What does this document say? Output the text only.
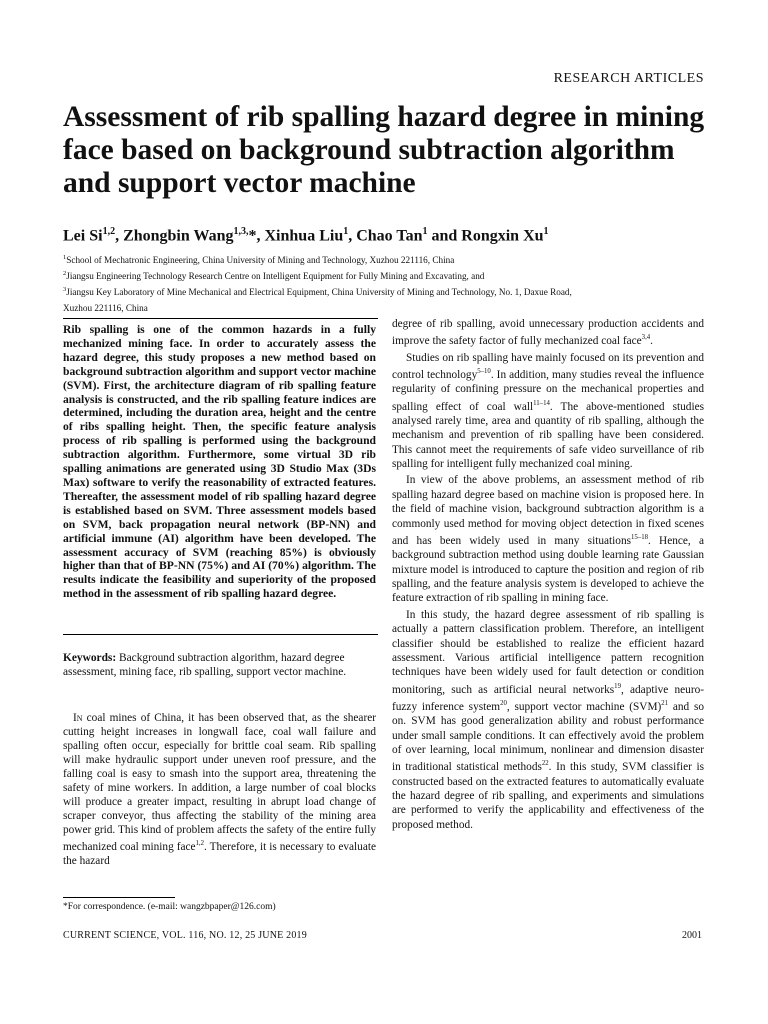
RESEARCH ARTICLES
Assessment of rib spalling hazard degree in mining face based on background subtraction algorithm and support vector machine
Lei Si$^{1,2}$, Zhongbin Wang$^{1,3,}$*, Xinhua Liu$^1$, Chao Tan$^1$ and Rongxin Xu$^1$
$^1$School of Mechatronic Engineering, China University of Mining and Technology, Xuzhou 221116, China
$^2$Jiangsu Engineering Technology Research Centre on Intelligent Equipment for Fully Mining and Excavating, and
$^3$Jiangsu Key Laboratory of Mine Mechanical and Electrical Equipment, China University of Mining and Technology, No. 1, Daxue Road,
Xuzhou 221116, China

Rib spalling is one of the common hazards in a fully mechanized mining face. In order to accurately assess the hazard degree, this study proposes a new method based on background subtraction algorithm and support vector machine (SVM). First, the architecture diagram of rib spalling feature analysis is constructed, and the rib spalling feature indices are determined, including the duration area, height and the centre of ribs spalling height. Then, the specific feature analysis process of rib spalling is performed using the background subtraction algorithm. Furthermore, some virtual 3D rib spalling animations are generated using 3D Studio Max (3Ds Max) software to verify the reasonability of extracted features. Thereafter, the assessment model of rib spalling hazard degree is established based on SVM. Three assessment models based on SVM, back propagation neural network (BP-NN) and artificial immune (AI) algorithm have been developed. The assessment accuracy of SVM (reaching 85%) is obviously higher than that of BP-NN (75%) and AI (70%) algorithm. The results indicate the feasibility and superiority of the proposed method in the assessment of rib spalling hazard degree.

Keywords: Background subtraction algorithm, hazard degree assessment, mining face, rib spalling, support vector machine.

In coal mines of China, it has been observed that, as the shearer cutting height increases in longwall face, coal wall failure and spalling often occur, especially for brittle coal seam. Rib spalling will make hydraulic support under uneven roof pressure, and the falling coal is easy to smash into the support area, threatening the safety of mine workers. In addition, a large number of coal blocks will produce a greater impact, resulting in abrupt load change of scraper conveyor, thus affecting the stability of the mining area power grid. This kind of problem affects the safety of the entire fully mechanized coal mining face$^{1,2}$. Therefore, it is necessary to evaluate the hazard

*For correspondence. (e-mail: wangzbpaper@126.com)

degree of rib spalling, avoid unnecessary production accidents and improve the safety factor of fully mechanized coal face$^{3,4}$.

Studies on rib spalling have mainly focused on its prevention and control technology$^{5-10}$. In addition, many studies reveal the influence regularity of confining pressure on the mechanical properties and spalling effect of coal wall$^{11-14}$. The above-mentioned studies analysed rarely time, area and quantity of rib spalling, although the mechanism and prevention of rib spalling have been considered. This cannot meet the requirements of safe video surveillance of rib spalling for intelligent fully mechanized coal mining.

In view of the above problems, an assessment method of rib spalling hazard degree based on machine vision is proposed here. In the field of machine vision, background subtraction algorithm is a commonly used method for moving object detection in fixed scenes and has been widely used in many situations$^{15-18}$. Hence, a background subtraction method using double learning rate Gaussian mixture model is introduced to capture the position and region of rib spalling, and the feature analysis system is developed to achieve the feature extraction of rib spalling in mining face.

In this study, the hazard degree assessment of rib spalling is actually a pattern classification problem. Therefore, an intelligent classifier should be established to realize the efficient hazard assessment. Various artificial intelligence pattern recognition techniques have been widely used for fault detection or condition monitoring, such as artificial neural networks$^{19}$, adaptive neuro-fuzzy inference system$^{20}$, support vector machine (SVM)$^{21}$ and so on. SVM has good generalization ability and robust performance under small sample conditions. It can effectively avoid the problem of over learning, local minimum, nonlinear and dimension disaster in traditional statistical methods$^{22}$. In this study, SVM classifier is constructed based on the extracted features to automatically evaluate the hazard degree of rib spalling, and experiments and simulations are performed to verify the applicability and effectiveness of the proposed method.

CURRENT SCIENCE, VOL. 116, NO. 12, 25 JUNE 2019	2001
